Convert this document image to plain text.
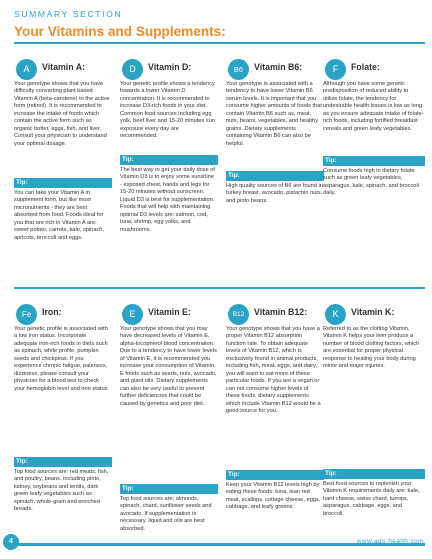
SUMMARY SECTION
Your Vitamins and Supplements:
A	Vitamin A:
Your genotype shows that you have difficulty converting plant based Vitamin A (beta-carotene) to the active form (retinol). It is recommended to increase the intake of foods which contain the active form such as organic butter, eggs, fish, and liver. Consult your physician to understand your optimal dosage.
Tip:
You can take your Vitamin A in supplement form, but like most micronutrients - they are best absorbed from food. Foods ideal for you that are rich in Vitamin A are: sweet potato, carrots, kale, spinach, apricots, broccoli and eggs.
D	Vitamin D:
Your genetic profile shows a tendency towards a lower Vitamin D concentration. It is recommended to increase D3-rich foods in your diet. Common food sources including egg yolk, beef liver and 15-20 minutes sun exposure every day are recommended.
Tip:
The best way to get your daily dose of Vitamin D3 is to enjoy some sunshine - exposed chest, hands and legs for 15-20 minutes without sunscreen. Liquid D3 is best for supplementation. Foods that will help with maintaining optimal D3 levels are: salmon, cod, tuna, shrimp, egg yolks, and mushrooms.
B6	Vitamin B6:
Your genotype is associated with a tendency to have lower Vitamin B6 serum levels. It is important that you consume higher amounts of foods that contain Vitamin B6 such as, meat, nuts, beans, vegetables, and healthy grains. Dietary supplements containing Vitamin B6 can also be helpful.
Tip:
High quality sources of B6 are found in turkey breast, avocado, pistachio nuts, and pinto beans.
F	Folate:
Although you have some genetic predisposition of reduced ability to utilize folate, the tendency for undesirable health issues is low as long as you ensure adequate intake of folate-rich foods, including fortified breakfast cereals and green leafy vegetables.
Tip:
Consume foods high in dietary folate such as green leafy vegetables, asparagus, kale, spinach, and broccoli daily.
Fe	Iron:
Your genetic profile is associated with a low iron status. Incorporate adequate iron-rich foods in diets such as spinach, white profile, pumpkin seeds and chickpeas. If you experience chronic fatigue, paleness, dizziness, please consult your physician for a blood test to check your hemoglobin level and iron status.
Tip:
Top food sources are: red meats, fish, and poultry, beans, including pinto, kidney, soybeans and lentils, dark green leafy vegetables such as spinach, whole-grain and enriched breads.
E	Vitamin E:
Your genotype shows that you may have decreased levels of Vitamin E, alpha-tocopherol blood concentration. Due to a tendency to have lower levels of Vitamin E, it is recommended you increase your consumption of Vitamin E foods such as seeds, nuts, avocado, and plant oils. Dietary supplements can also be very useful to prevent further deficiencies that could be caused by genetics and poor diet.
Tip:
Top food sources are: almonds, spinach, chard, sunflower seeds and avocado. If supplementation is necessary, liquid and oils are best absorbed.
B12	Vitamin B12:
Your genotype shows that you have a proper Vitamin B12 absorption function rate. To obtain adequate levels of Vitamin B12, which is exclusively found in animal products, including fish, meat, eggs, and dairy, you will want to eat more of these particular foods. If you are a vegan or can not consume higher levels of these foods, dietary supplements which include Vitamin B12 would be a good source for you.
Tip:
Keep your Vitamin B12 levels high by eating these foods: tuna, lean red meat, scallops, cottage cheese, eggs, cabbage, and leafy greens.
K	Vitamin K:
Referred to as the clotting Vitamin, Vitamin K helps your liver produce a number of blood clotting factors, which are essential for proper physical response to healing your body during minor and major injuries.
Tip:
Best food sources to replenish your Vitamin K requirements daily are: kale, hard cheese, swiss chard, turnips, asparagus, cabbage, eggs, and broccoli.
4	www.ags-health.com
